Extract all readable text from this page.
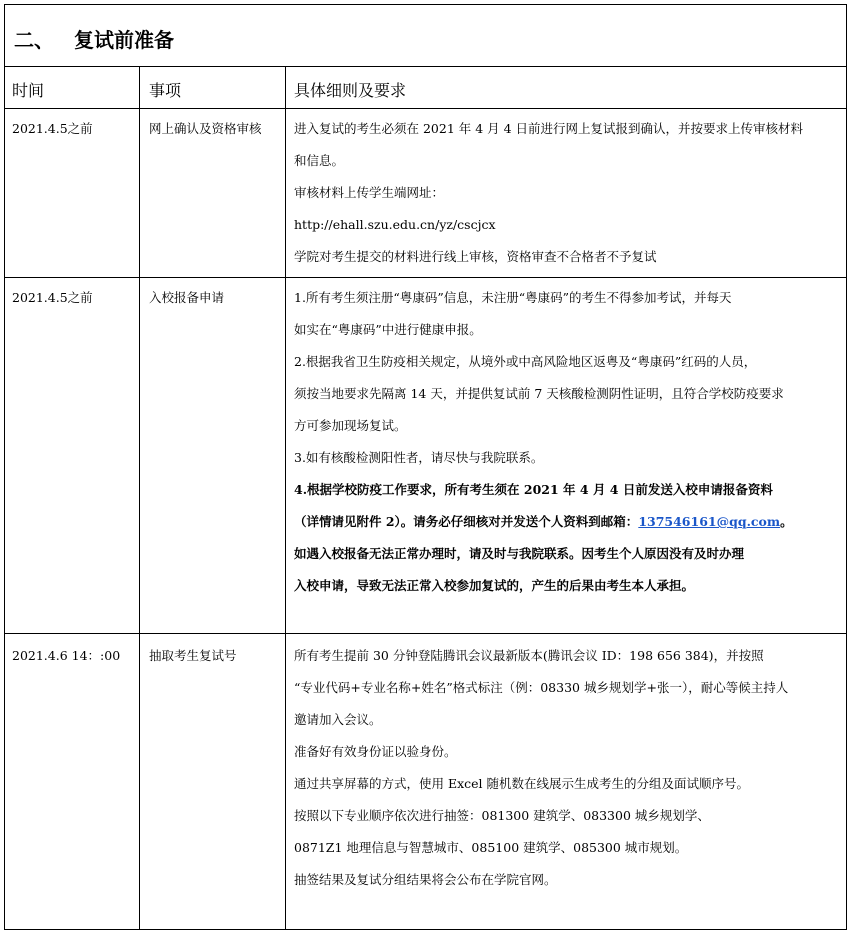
二、 复试前准备
时间	事项	具体细则及要求
2021.4.5之前	网上确认及资格审核	进入复试的考生必须在 2021 年 4 月 4 日前进行网上复试报到确认，并按要求上传审核材料
和信息。
审核材料上传学生端网址：
http://ehall.szu.edu.cn/yz/cscjcx
学院对考生提交的材料进行线上审核，资格审查不合格者不予复试
2021.4.5之前	入校报备申请	1.所有考生须注册“粤康码”信息，未注册“粤康码”的考生不得参加考试，并每天
如实在“粤康码”中进行健康申报。
2.根据我省卫生防疫相关规定，从境外或中高风险地区返粤及“粤康码”红码的人员，
须按当地要求先隔离 14 天，并提供复试前 7 天核酸检测阴性证明，且符合学校防疫要求
方可参加现场复试。
3.如有核酸检测阳性者，请尽快与我院联系。
4.根据学校防疫工作要求，所有考生须在 2021 年 4 月 4 日前发送入校申请报备资料
（详情请见附件 2）。请务必仔细核对并发送个人资料到邮箱：137546161@qq.com。
如遇入校报备无法正常办理时，请及时与我院联系。因考生个人原因没有及时办理
入校申请，导致无法正常入校参加复试的，产生的后果由考生本人承担。
2021.4.6 14：:00 抽取考生复试号	所有考生提前 30 分钟登陆腾讯会议最新版本(腾讯会议 ID：198 656 384)，并按照
“专业代码+专业名称+姓名”格式标注（例：08330 城乡规划学+张一），耐心等候主持人
邀请加入会议。
准备好有效身份证以验身份。
通过共享屏幕的方式，使用 Excel 随机数在线展示生成考生的分组及面试顺序号。
按照以下专业顺序依次进行抽签：081300 建筑学、083300 城乡规划学、
0871Z1 地理信息与智慧城市、085100 建筑学、085300 城市规划。
抽签结果及复试分组结果将会公布在学院官网。
